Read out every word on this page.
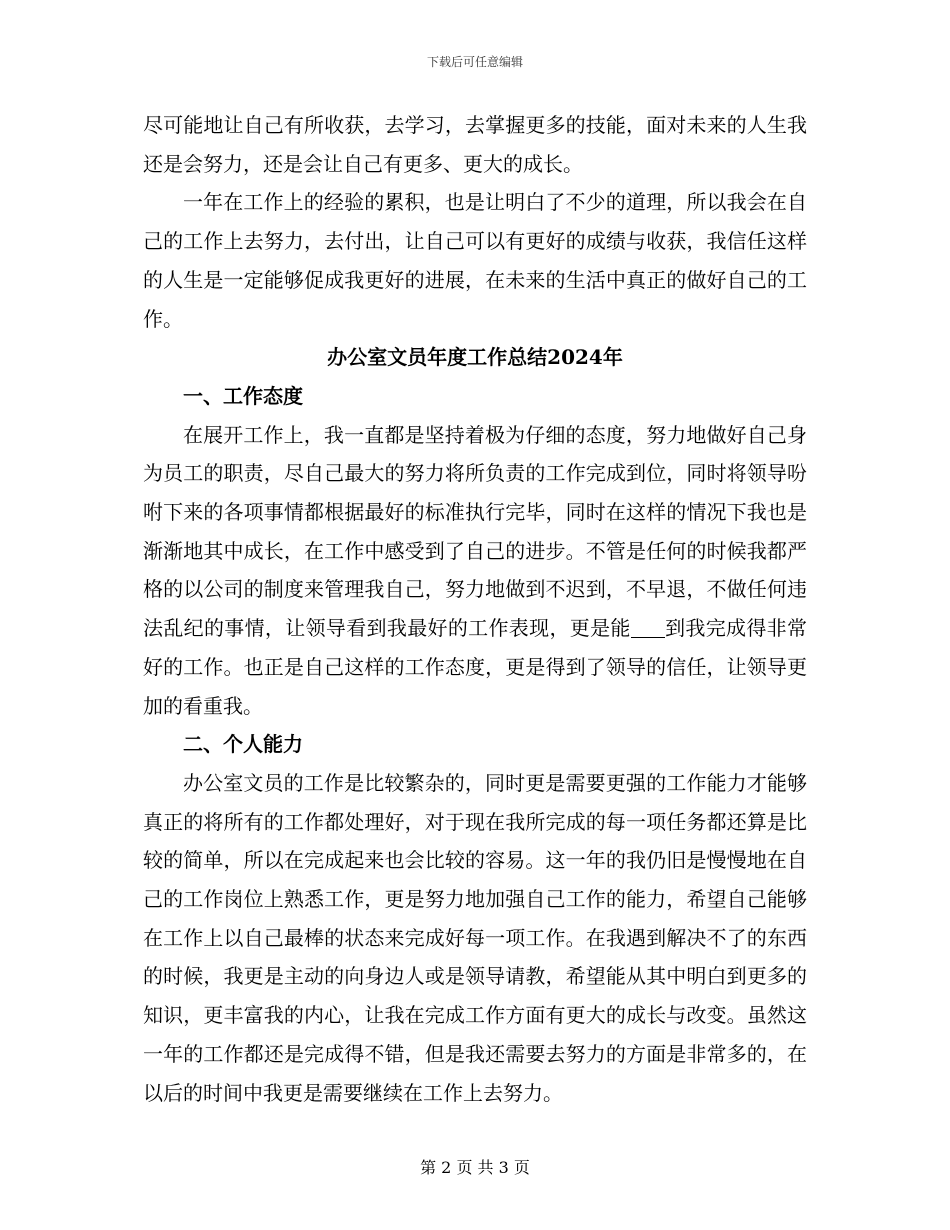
下载后可任意编辑

尽可能地让自己有所收获，去学习，去掌握更多的技能，面对未来的人生我还是会努力，还是会让自己有更多、更大的成长。

一年在工作上的经验的累积，也是让明白了不少的道理，所以我会在自己的工作上去努力，去付出，让自己可以有更好的成绩与收获，我信任这样的人生是一定能够促成我更好的进展，在未来的生活中真正的做好自己的工作。

办公室文员年度工作总结2024年

一、工作态度

在展开工作上，我一直都是坚持着极为仔细的态度，努力地做好自己身为员工的职责，尽自己最大的努力将所负责的工作完成到位，同时将领导吩咐下来的各项事情都根据最好的标准执行完毕，同时在这样的情况下我也是渐渐地其中成长，在工作中感受到了自己的进步。不管是任何的时候我都严格的以公司的制度来管理我自己，努力地做到不迟到，不早退，不做任何违法乱纪的事情，让领导看到我最好的工作表现，更是能 到我完成得非常好的工作。也正是自己这样的工作态度，更是得到了领导的信任，让领导更加的看重我。

二、个人能力

办公室文员的工作是比较繁杂的，同时更是需要更强的工作能力才能够真正的将所有的工作都处理好，对于现在我所完成的每一项任务都还算是比较的简单，所以在完成起来也会比较的容易。这一年的我仍旧是慢慢地在自己的工作岗位上熟悉工作，更是努力地加强自己工作的能力，希望自己能够在工作上以自己最棒的状态来完成好每一项工作。在我遇到解决不了的东西的时候，我更是主动的向身边人或是领导请教，希望能从其中明白到更多的知识，更丰富我的内心，让我在完成工作方面有更大的成长与改变。虽然这一年的工作都还是完成得不错，但是我还需要去努力的方面是非常多的，在以后的时间中我更是需要继续在工作上去努力。

第 2 页 共 3 页
